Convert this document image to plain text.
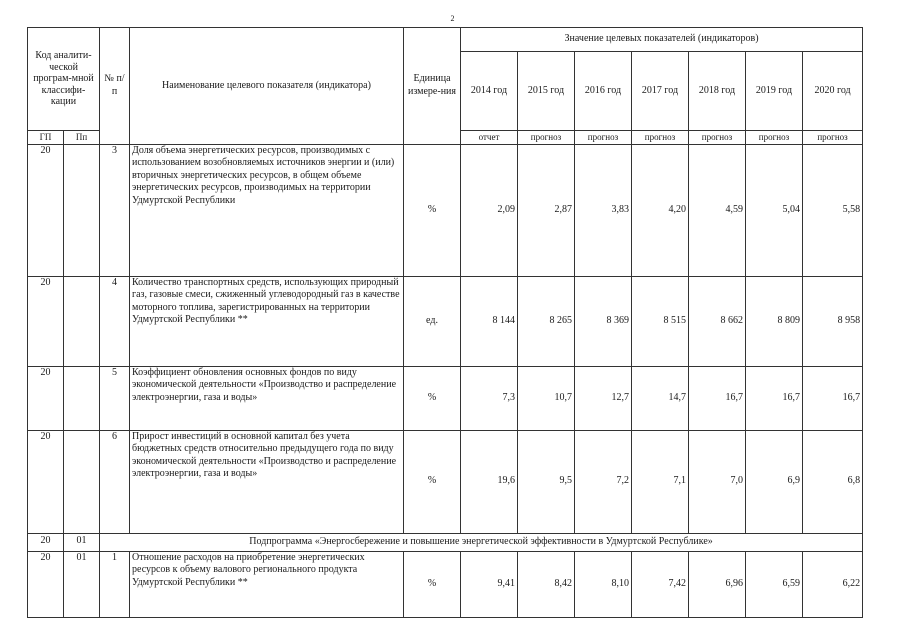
2
Код аналити-ческой програм-мной классифи-кации		№ п/п	Наименование целевого показателя (индикатора)	Единица измере-ния	Значение целевых показателей (индикаторов)						
					2014 год	2015 год	2016 год	2017 год	2018 год	2019 год	2020 год
ГП	Пп				отчет	прогноз	прогноз	прогноз	прогноз	прогноз	прогноз
20		3	Доля объема энергетических ресурсов, производимых с использованием возобновляемых источников энергии и (или) вторичных энергетических ресурсов, в общем объеме энергетических ресурсов, производимых на территории Удмуртской Республики	%	2,09	2,87	3,83	4,20	4,59	5,04	5,58
20		4	Количество транспортных средств, использующих природный газ, газовые смеси, сжиженный углеводородный газ в качестве моторного топлива, зарегистрированных на территории Удмуртской Республики **	ед.	8 144	8 265	8 369	8 515	8 662	8 809	8 958
20		5	Коэффициент обновления основных фондов по виду экономической деятельности «Производство и распределение электроэнергии, газа и воды»	%	7,3	10,7	12,7	14,7	16,7	16,7	16,7
20		6	Прирост инвестиций в основной капитал без учета бюджетных средств относительно предыдущего года по виду экономической деятельности «Производство и распределение электроэнергии, газа и воды»	%	19,6	9,5	7,2	7,1	7,0	6,9	6,8
20	01	Подпрограмма «Энергосбережение и повышение энергетической эффективности в Удмуртской Республике»									
20	01	1	Отношение расходов на приобретение энергетических ресурсов к объему валового регионального продукта Удмуртской Республики **	%	9,41	8,42	8,10	7,42	6,96	6,59	6,22
